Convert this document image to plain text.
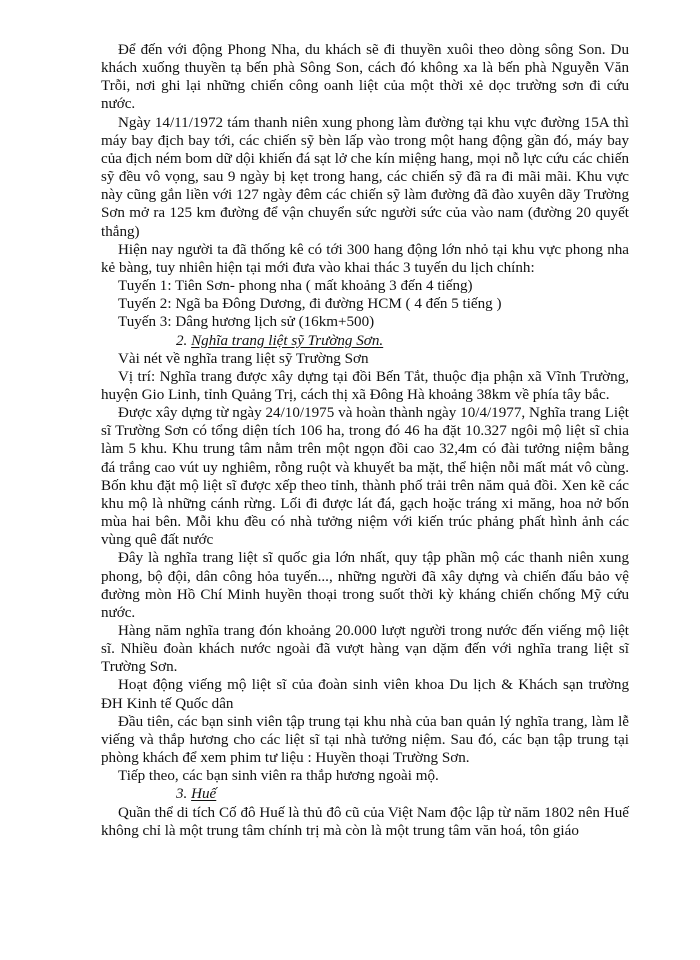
Để đến với động Phong Nha, du khách sẽ đi thuyền xuôi theo dòng sông Son. Du khách xuống thuyền tạ bến phà Sông Son, cách đó không xa là bến phà Nguyễn Văn Trỗi, nơi ghi lại những chiến công oanh liệt của một thời xẻ dọc trường sơn đi cứu nước.

Ngày 14/11/1972 tám thanh niên xung phong làm đường tại khu vực đường 15A thì máy bay địch bay tới, các chiến sỹ bèn lấp vào trong một hang động gần đó, máy bay của địch ném bom dữ dội khiến đá sạt lở che kín miệng hang, mọi nỗ lực cứu các chiến sỹ đều vô vọng, sau 9 ngày bị kẹt trong hang, các chiến sỹ đã ra đi mãi mãi. Khu vực này cũng gắn liền với 127 ngày đêm các chiến sỹ làm đường đã đào xuyên dãy Trường Sơn mở ra 125 km đường để vận chuyển sức người sức của vào nam (đường 20 quyết thắng)

Hiện nay người ta đã thống kê có tới 300 hang động lớn nhỏ tại khu vực phong nha kẻ bàng, tuy nhiên hiện tại mới đưa vào khai thác 3 tuyến du lịch chính:

Tuyến 1: Tiên Sơn- phong nha ( mất khoảng 3 đến 4 tiếng)

Tuyến 2: Ngã ba Đông Dương, đi đường HCM ( 4 đến 5 tiếng )

Tuyến 3: Dâng hương lịch sử (16km+500)

2. Nghĩa trang liệt sỹ Trường Sơn.

Vài nét về nghĩa trang liệt sỹ Trường Sơn

Vị trí: Nghĩa trang được xây dựng tại đồi Bến Tắt, thuộc địa phận xã Vĩnh Trường, huyện Gio Linh, tỉnh Quảng Trị, cách thị xã Đông Hà khoảng 38km về phía tây bắc.

Được xây dựng từ ngày 24/10/1975 và hoàn thành ngày 10/4/1977, Nghĩa trang Liệt sĩ Trường Sơn có tổng diện tích 106 ha, trong đó 46 ha đặt 10.327 ngôi mộ liệt sĩ chia làm 5 khu. Khu trung tâm nằm trên một ngọn đồi cao 32,4m có đài tưởng niệm bằng đá trắng cao vút uy nghiêm, rỗng ruột và khuyết ba mặt, thể hiện nỗi mất mát vô cùng. Bốn khu đặt mộ liệt sĩ được xếp theo tỉnh, thành phố trải trên năm quả đồi. Xen kẽ các khu mộ là những cánh rừng. Lối đi được lát đá, gạch hoặc tráng xi măng, hoa nở bốn mùa hai bên. Mỗi khu đều có nhà tưởng niệm với kiến trúc phảng phất hình ảnh các vùng quê đất nước

Đây là nghĩa trang liệt sĩ quốc gia lớn nhất, quy tập phần mộ các thanh niên xung phong, bộ đội, dân công hỏa tuyến..., những người đã xây dựng và chiến đấu bảo vệ đường mòn Hồ Chí Minh huyền thoại trong suốt thời kỳ kháng chiến chống Mỹ cứu nước.

Hàng năm nghĩa trang đón khoảng 20.000 lượt người trong nước đến viếng mộ liệt sĩ. Nhiều đoàn khách nước ngoài đã vượt hàng vạn dặm đến với nghĩa trang liệt sĩ Trường Sơn.

Hoạt động viếng mộ liệt sĩ của đoàn sinh viên khoa Du lịch & Khách sạn trường ĐH Kinh tế Quốc dân

Đầu tiên, các bạn sinh viên tập trung tại khu nhà của ban quản lý nghĩa trang, làm lễ viếng và thắp hương cho các liệt sĩ tại nhà tưởng niệm. Sau đó, các bạn tập trung tại phòng khách để xem phim tư liệu : Huyền thoại Trường Sơn.

Tiếp theo, các bạn sinh viên ra thắp hương ngoài mộ.

3. Huế

Quần thể di tích Cố đô Huế là thủ đô cũ của Việt Nam độc lập từ năm 1802 nên Huế không chỉ là một trung tâm chính trị mà còn là một trung tâm văn hoá, tôn giáo
